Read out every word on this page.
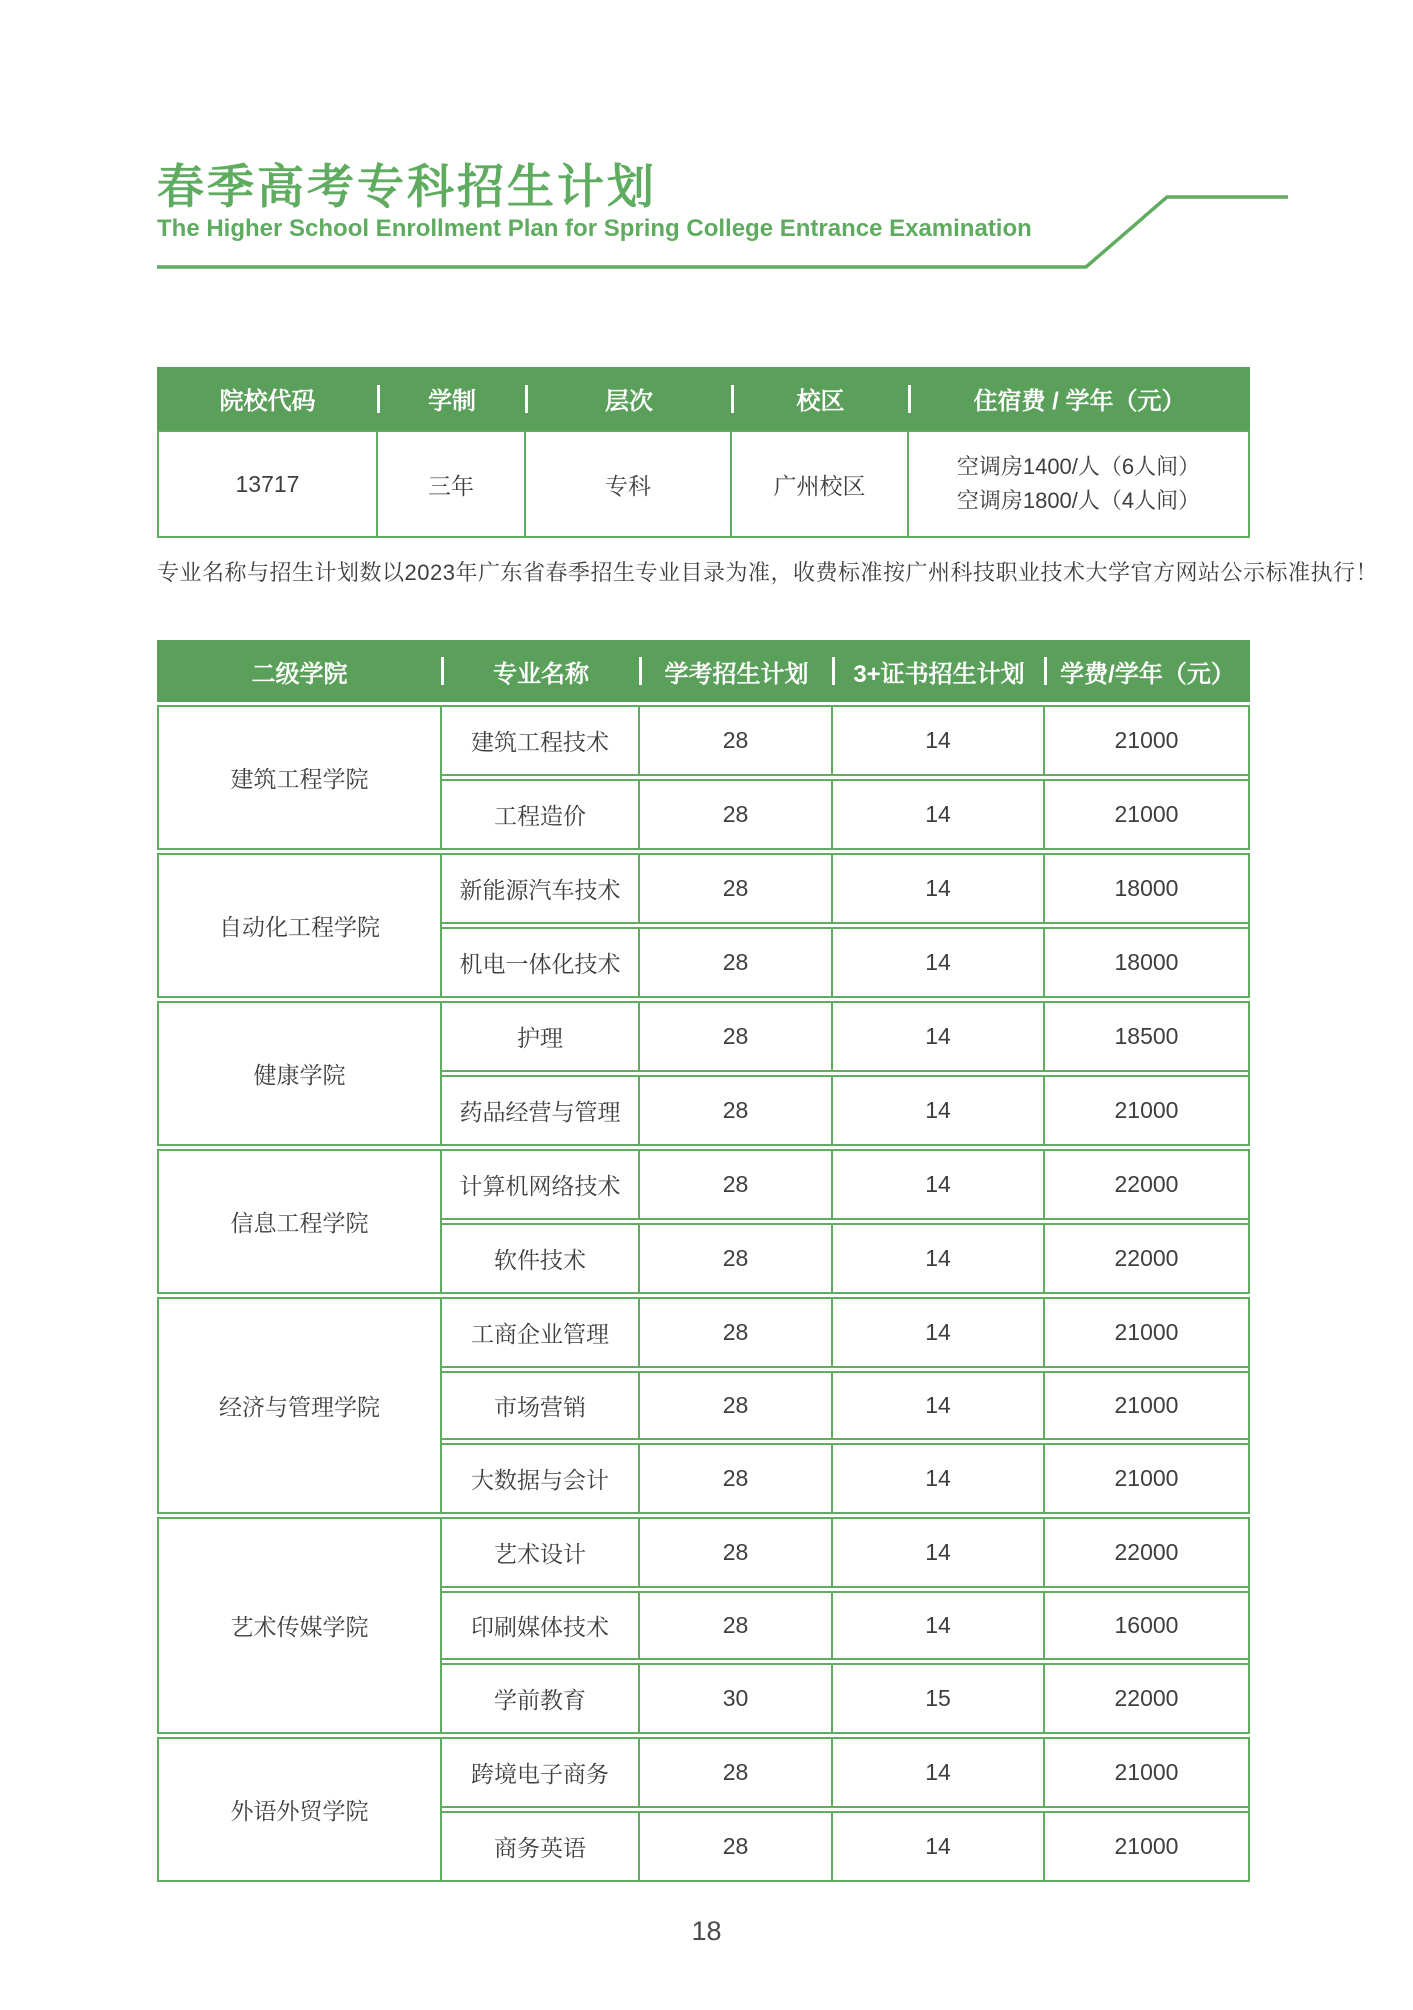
春季高考专科招生计划
The Higher School Enrollment Plan for Spring College Entrance Examination
院校代码	学制	层次	校区	住宿费 / 学年（元）
13717	三年	专科	广州校区
空调房1400/人（6人间）
空调房1800/人（4人间）
专业名称与招生计划数以2023年广东省春季招生专业目录为准，收费标准按广州科技职业技术大学官方网站公示标准执行！
二级学院	专业名称	学考招生计划	3+证书招生计划	学费/学年（元）
建筑工程学院
建筑工程技术	28	14	21000
工程造价	28	14	21000
自动化工程学院
新能源汽车技术	28	14	18000
机电一体化技术	28	14	18000
健康学院
护理	28	14	18500
药品经营与管理	28	14	21000
信息工程学院
计算机网络技术	28	14	22000
软件技术	28	14	22000
经济与管理学院
工商企业管理	28	14	21000
市场营销	28	14	21000
大数据与会计	28	14	21000
艺术传媒学院
艺术设计	28	14	22000
印刷媒体技术	28	14	16000
学前教育	30	15	22000
外语外贸学院
跨境电子商务	28	14	21000
商务英语	28	14	21000
18
